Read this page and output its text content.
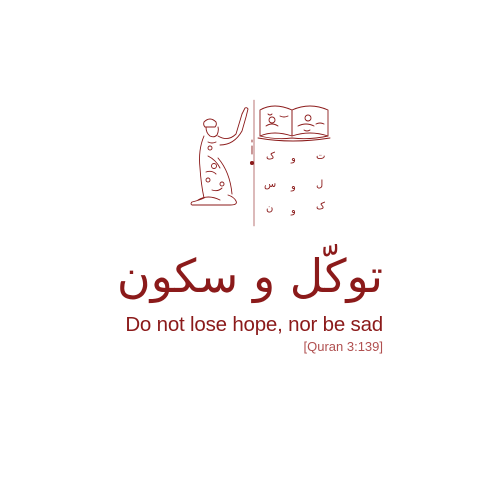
ت
و
ک
ل
و
س
ک
و
ن
توکّل و سکون
Do not lose hope, nor be sad
[Quran 3:139]
